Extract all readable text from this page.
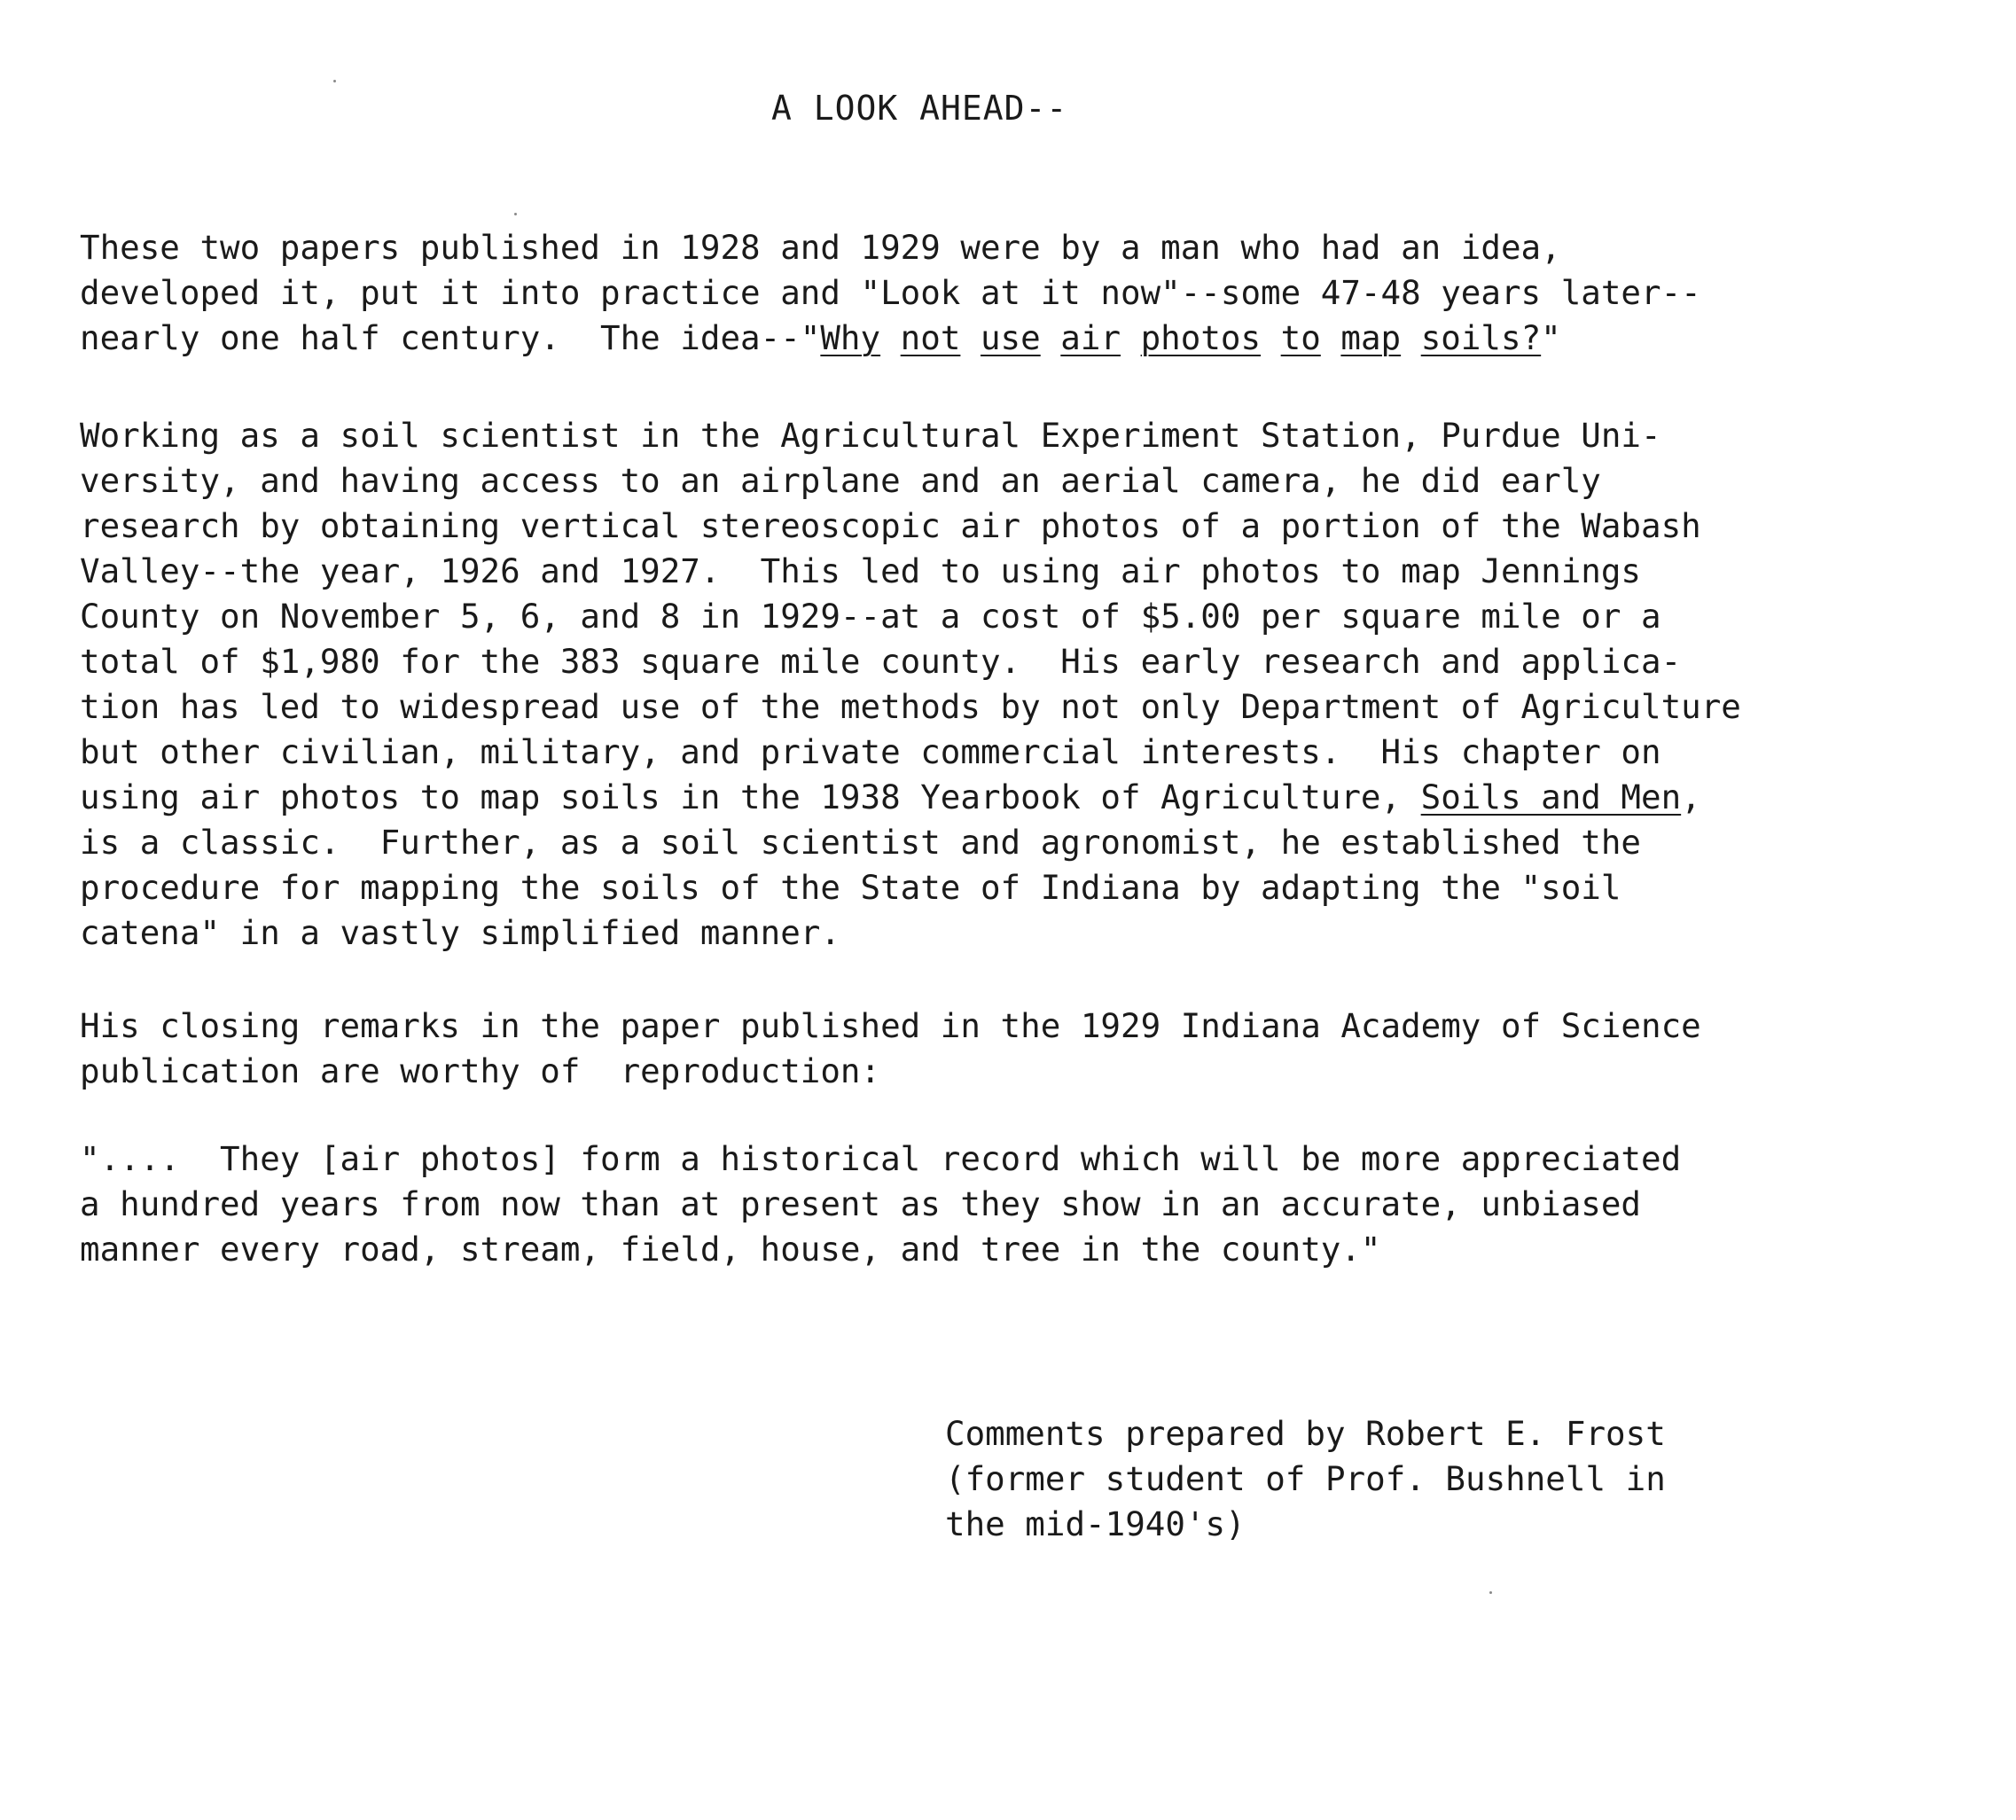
A LOOK AHEAD--
These two papers published in 1928 and 1929 were by a man who had an idea,
developed it, put it into practice and "Look at it now"--some 47-48 years later--
nearly one half century.  The idea--"Why not use air photos to map soils?"
Working as a soil scientist in the Agricultural Experiment Station, Purdue Uni-
versity, and having access to an airplane and an aerial camera, he did early
research by obtaining vertical stereoscopic air photos of a portion of the Wabash
Valley--the year, 1926 and 1927.  This led to using air photos to map Jennings
County on November 5, 6, and 8 in 1929--at a cost of $5.00 per square mile or a
total of $1,980 for the 383 square mile county.  His early research and applica-
tion has led to widespread use of the methods by not only Department of Agriculture
but other civilian, military, and private commercial interests.  His chapter on
using air photos to map soils in the 1938 Yearbook of Agriculture, Soils and Men,
is a classic.  Further, as a soil scientist and agronomist, he established the
procedure for mapping the soils of the State of Indiana by adapting the "soil
catena" in a vastly simplified manner.
His closing remarks in the paper published in the 1929 Indiana Academy of Science
publication are worthy of  reproduction:
"....  They [air photos] form a historical record which will be more appreciated
a hundred years from now than at present as they show in an accurate, unbiased
manner every road, stream, field, house, and tree in the county."
Comments prepared by Robert E. Frost
(former student of Prof. Bushnell in
the mid-1940's)
